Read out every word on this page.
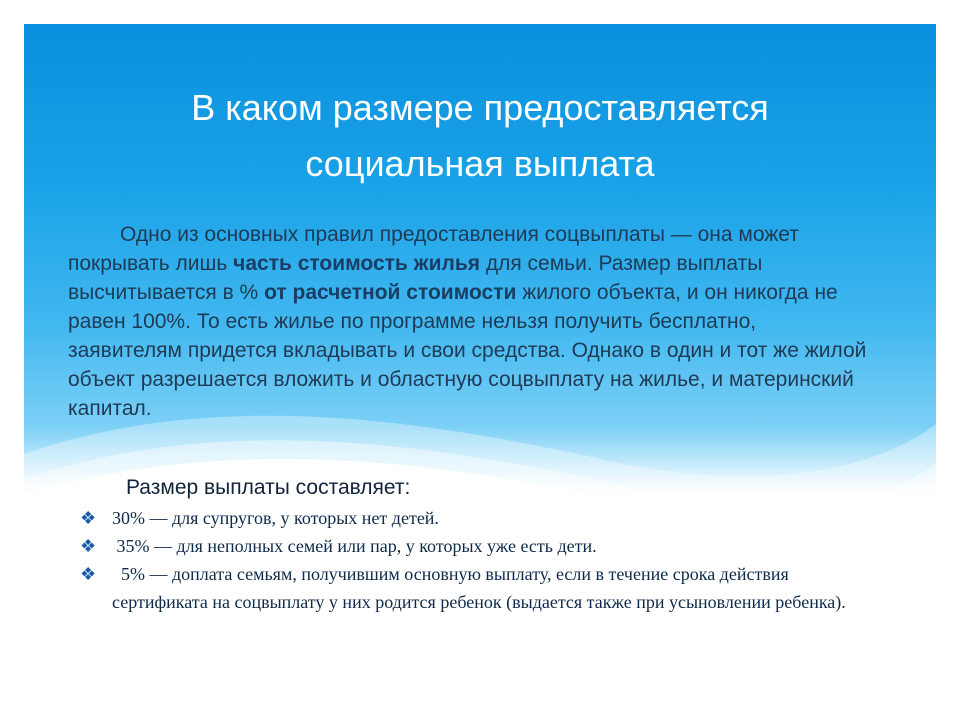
В каком размере предоставляется
социальная выплата

Одно из основных правил предоставления соцвыплаты — она может покрывать лишь часть стоимость жилья для семьи. Размер выплаты высчитывается в % от расчетной стоимости жилого объекта, и он никогда не равен 100%. То есть жилье по программе нельзя получить бесплатно, заявителям придется вкладывать и свои средства. Однако в один и тот же жилой объект разрешается вложить и областную соцвыплату на жилье, и материнский капитал.

Размер выплаты составляет:
❖ 30% — для супругов, у которых нет детей.
❖ 35% — для неполных семей или пар, у которых уже есть дети.
❖ 5% — доплата семьям, получившим основную выплату, если в течение срока действия сертификата на соцвыплату у них родится ребенок (выдается также при усыновлении ребенка).
